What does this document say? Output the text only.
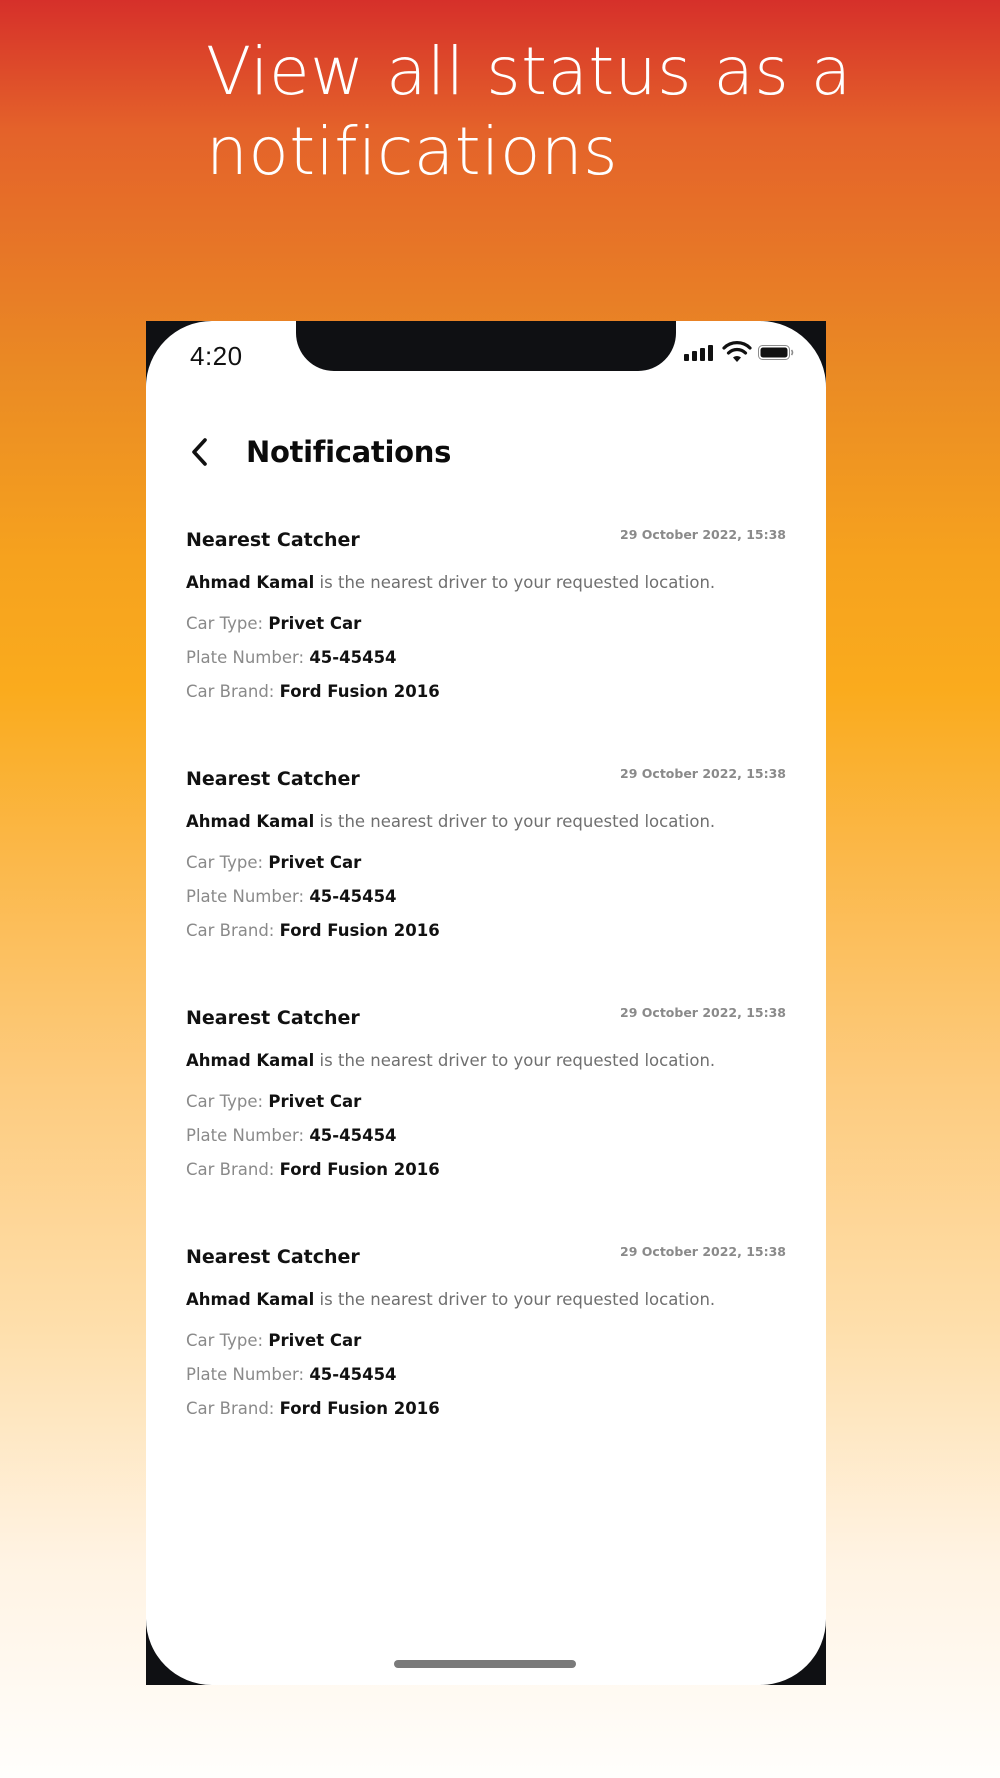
View all status as a
notifications
4:20
Notifications
Nearest Catcher	29 October 2022, 15:38
Ahmad Kamal is the nearest driver to your requested location.
Car Type: Privet Car
Plate Number: 45-45454
Car Brand: Ford Fusion 2016
Nearest Catcher	29 October 2022, 15:38
Ahmad Kamal is the nearest driver to your requested location.
Car Type: Privet Car
Plate Number: 45-45454
Car Brand: Ford Fusion 2016
Nearest Catcher	29 October 2022, 15:38
Ahmad Kamal is the nearest driver to your requested location.
Car Type: Privet Car
Plate Number: 45-45454
Car Brand: Ford Fusion 2016
Nearest Catcher	29 October 2022, 15:38
Ahmad Kamal is the nearest driver to your requested location.
Car Type: Privet Car
Plate Number: 45-45454
Car Brand: Ford Fusion 2016
